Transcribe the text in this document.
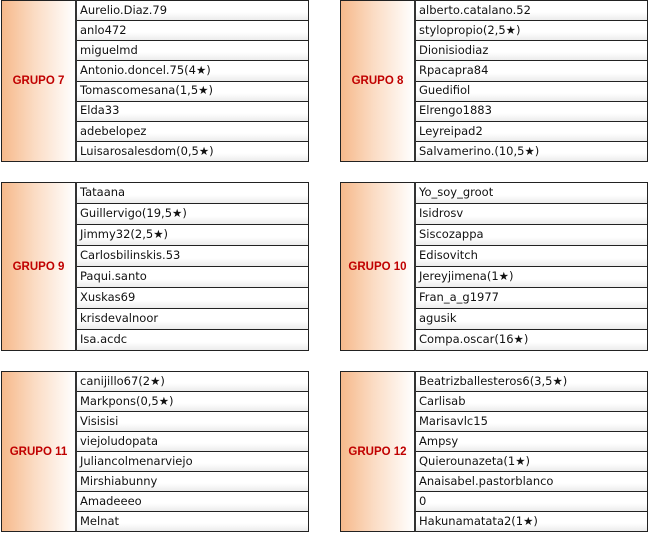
GRUPO 7
Aurelio.Diaz.79
anlo472
miguelmd
Antonio.doncel.75(4★)
Tomascomesana(1,5★)
Elda33
adebelopez
Luisarosalesdom(0,5★)
GRUPO 8
alberto.catalano.52
stylopropio(2,5★)
Dionisiodiaz
Rpacapra84
Guedifiol
Elrengo1883
Leyreipad2
Salvamerino.(10,5★)
GRUPO 9
Tataana
Guillervigo(19,5★)
Jimmy32(2,5★)
Carlosbilinskis.53
Paqui.santo
Xuskas69
krisdevalnoor
Isa.acdc
GRUPO 10
Yo_soy_groot
Isidrosv
Siscozappa
Edisovitch
Jereyjimena(1★)
Fran_a_g1977
agusik
Compa.oscar(16★)
GRUPO 11
canijillo67(2★)
Markpons(0,5★)
Visisisi
viejoludopata
Juliancolmenarviejo
Mirshiabunny
Amadeeeo
Melnat
GRUPO 12
Beatrizballesteros6(3,5★)
Carlisab
Marisavlc15
Ampsy
Quierounazeta(1★)
Anaisabel.pastorblanco
0
Hakunamatata2(1★)
